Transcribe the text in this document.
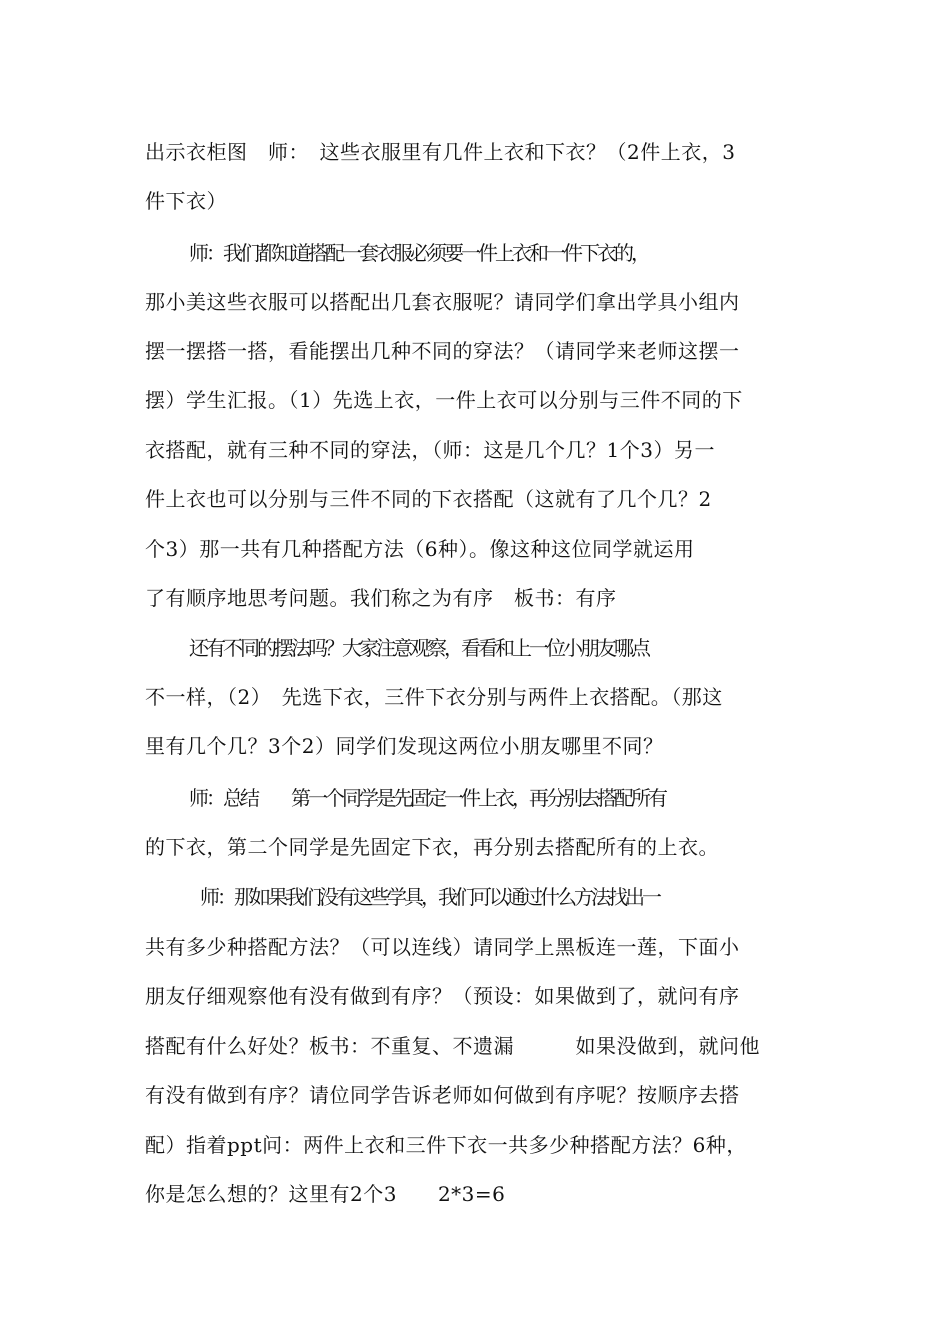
出示衣柜图　师：　这些衣服里有几件上衣和下衣？（2件上衣，3
件下衣）
师：我们都知道搭配一套衣服必须要一件上衣和一件下衣的，
那小美这些衣服可以搭配出几套衣服呢？请同学们拿出学具小组内
摆一摆搭一搭，看能摆出几种不同的穿法？（请同学来老师这摆一
摆）学生汇报。（1）先选上衣，一件上衣可以分别与三件不同的下
衣搭配，就有三种不同的穿法，（师：这是几个几？1个3）另一
件上衣也可以分别与三件不同的下衣搭配（这就有了几个几？2
个3）那一共有几种搭配方法（6种）。像这种这位同学就运用
了有顺序地思考问题。我们称之为有序　板书：有序
还有不同的摆法吗？大家注意观察，看看和上一位小朋友哪点
不一样，（2）　先选下衣，三件下衣分别与两件上衣搭配。（那这
里有几个几？3个2）同学们发现这两位小朋友哪里不同？
师：总结　　第一个同学是先固定一件上衣，再分别去搭配所有
的下衣，第二个同学是先固定下衣，再分别去搭配所有的上衣。
师：那如果我们没有这些学具，我们可以通过什么方法找出一
共有多少种搭配方法？（可以连线）请同学上黑板连一莲，下面小
朋友仔细观察他有没有做到有序？（预设：如果做到了，就问有序
搭配有什么好处？板书：不重复、不遗漏　　　如果没做到，就问他
有没有做到有序？请位同学告诉老师如何做到有序呢？按顺序去搭
配）指着ppt问：两件上衣和三件下衣一共多少种搭配方法？6种，
你是怎么想的？这里有2个3　　2*3=6
